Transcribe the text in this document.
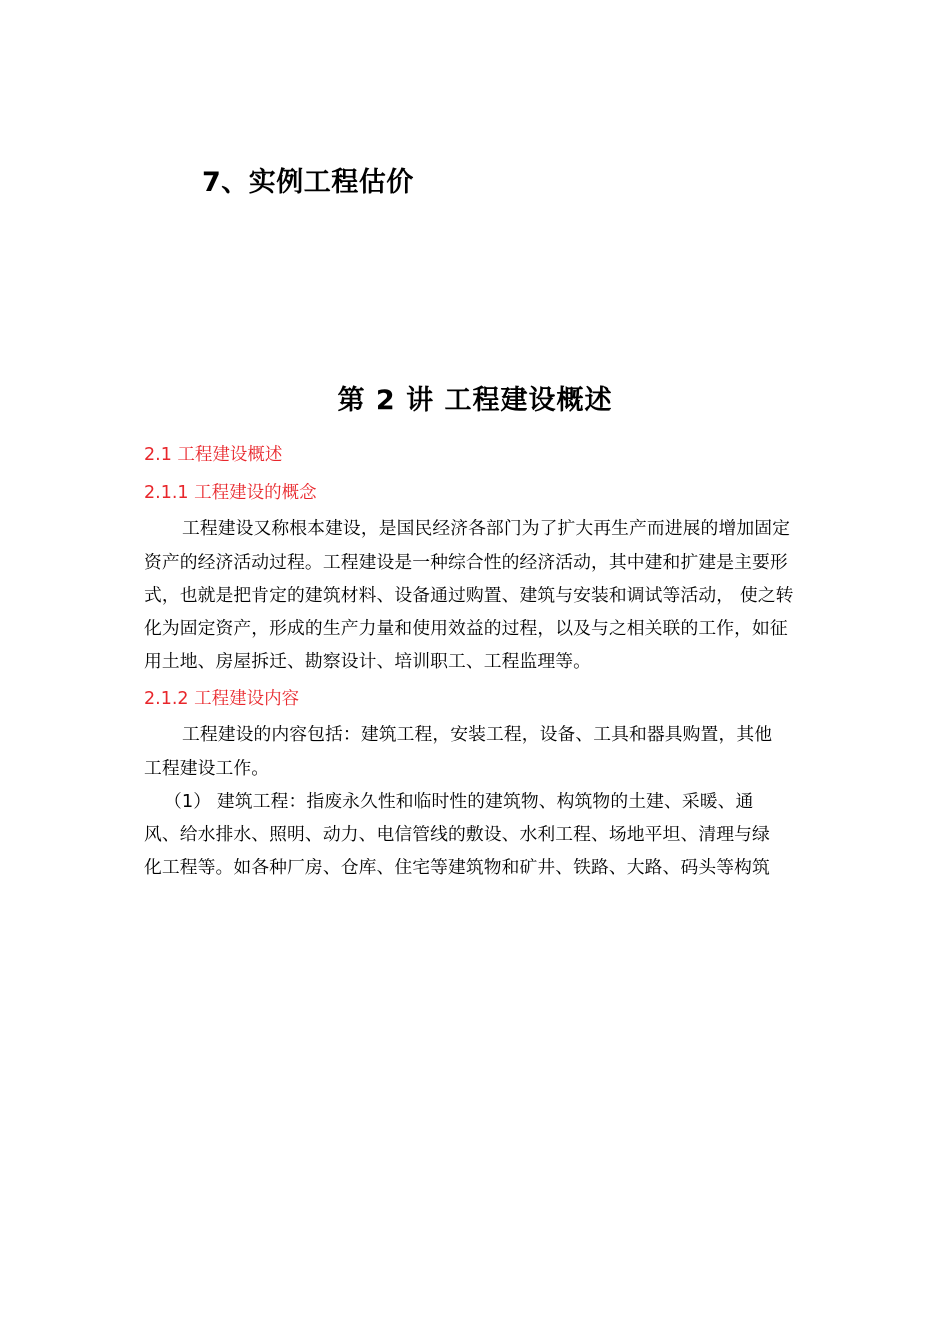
7、实例工程估价
第 2 讲 工程建设概述
2.1 工程建设概述
2.1.1 工程建设的概念
工程建设又称根本建设，是国民经济各部门为了扩大再生产而进展的增加固定
资产的经济活动过程。工程建设是一种综合性的经济活动，其中建和扩建是主要形
式，也就是把肯定的建筑材料、设备通过购置、建筑与安装和调试等活动， 使之转
化为固定资产，形成的生产力量和使用效益的过程，以及与之相关联的工作，如征
用土地、房屋拆迁、勘察设计、培训职工、工程监理等。
2.1.2 工程建设内容
工程建设的内容包括：建筑工程，安装工程，设备、工具和器具购置，其他
工程建设工作。
（1） 建筑工程：指废永久性和临时性的建筑物、构筑物的土建、采暖、通
风、给水排水、照明、动力、电信管线的敷设、水利工程、场地平坦、清理与绿
化工程等。如各种厂房、仓库、住宅等建筑物和矿井、铁路、大路、码头等构筑
